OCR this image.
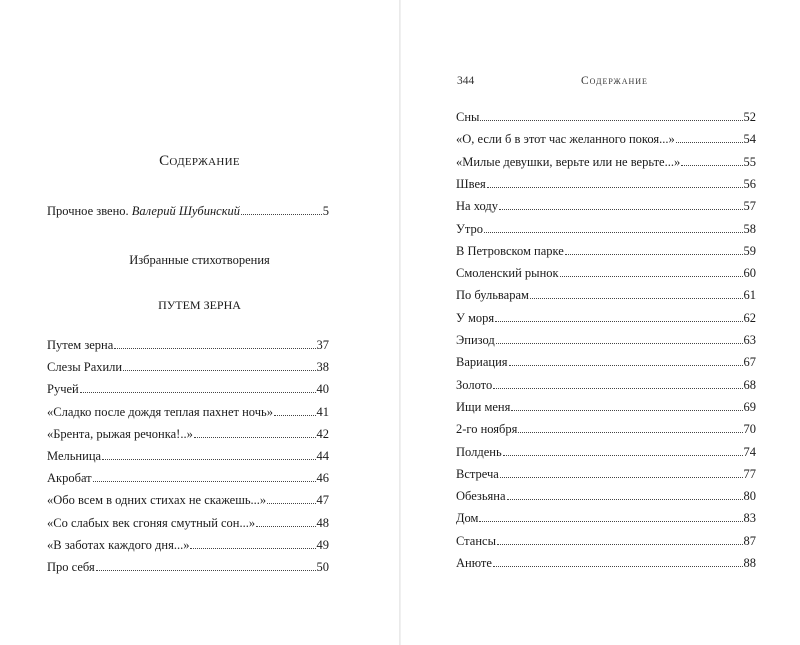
Содержание
Прочное звено. Валерий Шубинский	5
Избранные стихотворения
ПУТЕМ ЗЕРНА
Путем зерна	37
Слезы Рахили	38
Ручей	40
«Сладко после дождя теплая пахнет ночь»	41
«Брента, рыжая речонка!..»	42
Мельница	44
Акробат	46
«Обо всем в одних стихах не скажешь...»	47
«Со слабых век сгоняя смутный сон...»	48
«В заботах каждого дня...»	49
Про себя	50
344	Содержание
Сны	52
«О, если б в этот час желанного покоя...»	54
«Милые девушки, верьте или не верьте...»	55
Швея	56
На ходу	57
Утро	58
В Петровском парке	59
Смоленский рынок	60
По бульварам	61
У моря	62
Эпизод	63
Вариация	67
Золото	68
Ищи меня	69
2-го ноября	70
Полдень	74
Встреча	77
Обезьяна	80
Дом	83
Стансы	87
Анюте	88
